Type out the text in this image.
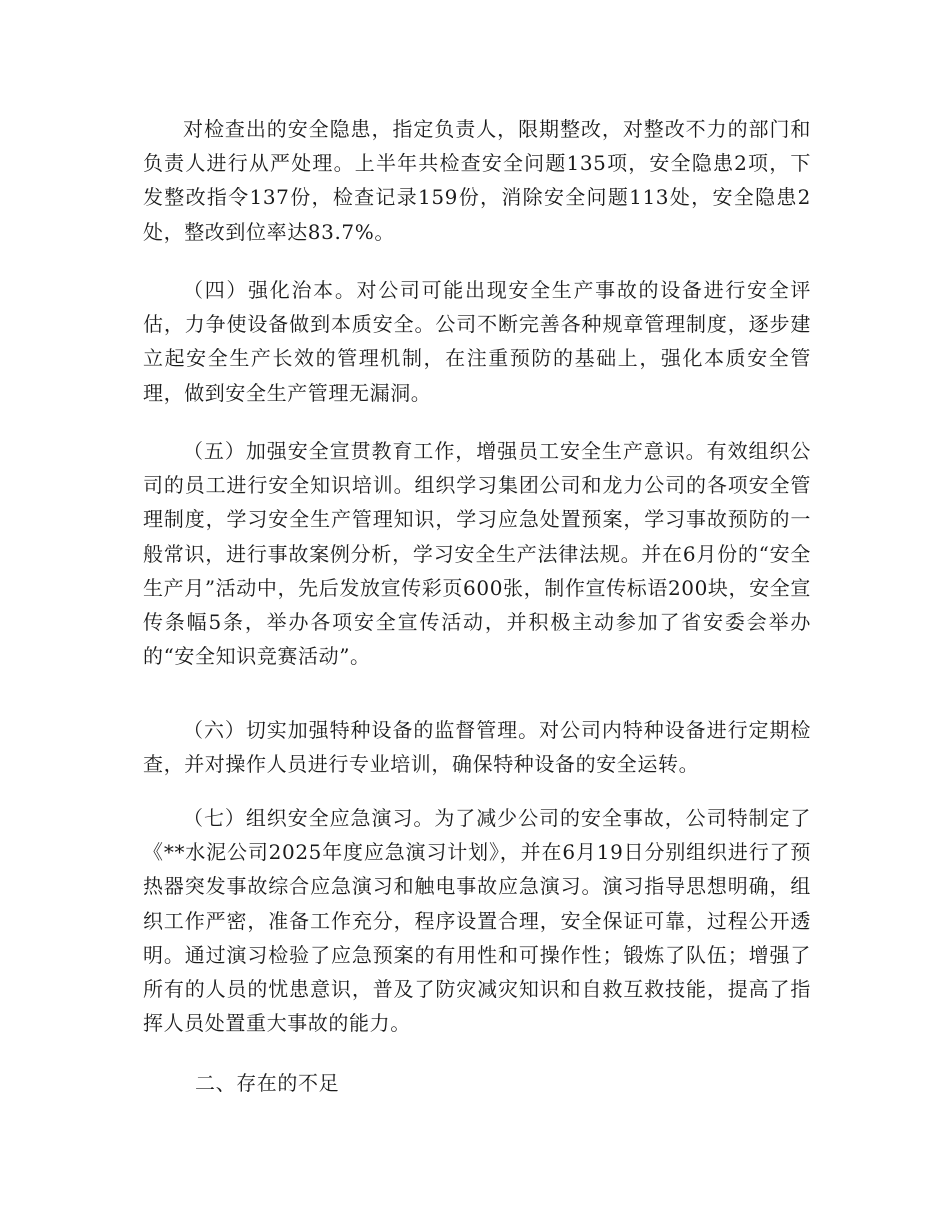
对检查出的安全隐患，指定负责人，限期整改，对整改不力的部门和负责人进行从严处理。上半年共检查安全问题135项，安全隐患2项，下发整改指令137份，检查记录159份，消除安全问题113处，安全隐患2处，整改到位率达83.7%。

（四）强化治本。对公司可能出现安全生产事故的设备进行安全评估，力争使设备做到本质安全。公司不断完善各种规章管理制度，逐步建立起安全生产长效的管理机制，在注重预防的基础上，强化本质安全管理，做到安全生产管理无漏洞。

（五）加强安全宣贯教育工作，增强员工安全生产意识。有效组织公司的员工进行安全知识培训。组织学习集团公司和龙力公司的各项安全管理制度，学习安全生产管理知识，学习应急处置预案，学习事故预防的一般常识，进行事故案例分析，学习安全生产法律法规。并在6月份的“安全生产月”活动中，先后发放宣传彩页600张，制作宣传标语200块，安全宣传条幅5条，举办各项安全宣传活动，并积极主动参加了省安委会举办的“安全知识竞赛活动”。

（六）切实加强特种设备的监督管理。对公司内特种设备进行定期检查，并对操作人员进行专业培训，确保特种设备的安全运转。

（七）组织安全应急演习。为了减少公司的安全事故，公司特制定了《**水泥公司2025年度应急演习计划》，并在6月19日分别组织进行了预热器突发事故综合应急演习和触电事故应急演习。演习指导思想明确，组织工作严密，准备工作充分，程序设置合理，安全保证可靠，过程公开透明。通过演习检验了应急预案的有用性和可操作性；锻炼了队伍；增强了所有的人员的忧患意识，普及了防灾减灾知识和自救互救技能，提高了指挥人员处置重大事故的能力。

二、存在的不足
